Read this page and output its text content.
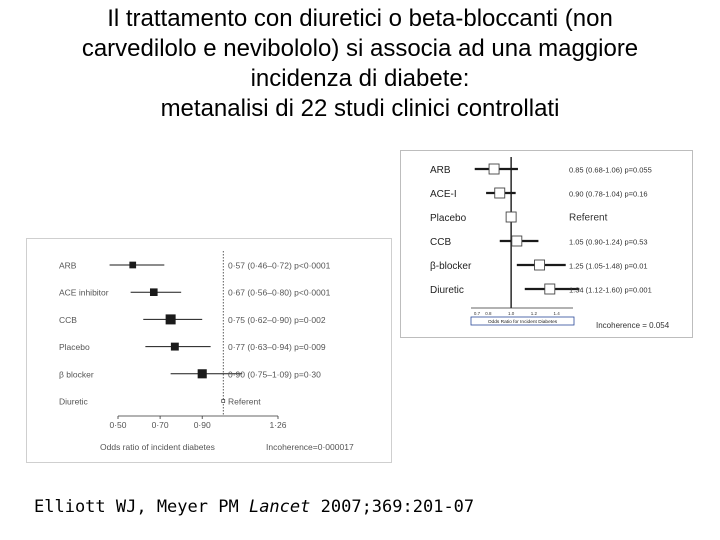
Il trattamento con diuretici o beta-bloccanti (non
carvedilolo e nevibololo) si associa ad una maggiore
incidenza di diabete:
metanalisi di 22 studi clinici controllati
ARB	0·57 (0·46–0·72) p<0·0001
ACE inhibitor	0·67 (0·56–0·80) p<0·0001
CCB	0·75 (0·62–0·90) p=0·002
Placebo	0·77 (0·63–0·94) p=0·009
β blocker	0·90 (0·75–1·09) p=0·30
Diuretic	Referent
0·50	0·70	0·90	1·26
Odds ratio of incident diabetes	Incoherence=0·000017
ARB	0.85 (0.68-1.06) p=0.055
ACE-I	0.90 (0.78-1.04) p=0.16
Placebo	Referent
CCB	1.05 (0.90-1.24) p=0.53
β-blocker	1.25 (1.05-1.48) p=0.01
Diuretic	1.34 (1.12-1.60) p=0.001
0.7 0.8	1.0	1.2	1.4
Odds Ratio for Incident Diabetes	Incoherence = 0.054
Elliott WJ, Meyer PM Lancet 2007;369:201-07
